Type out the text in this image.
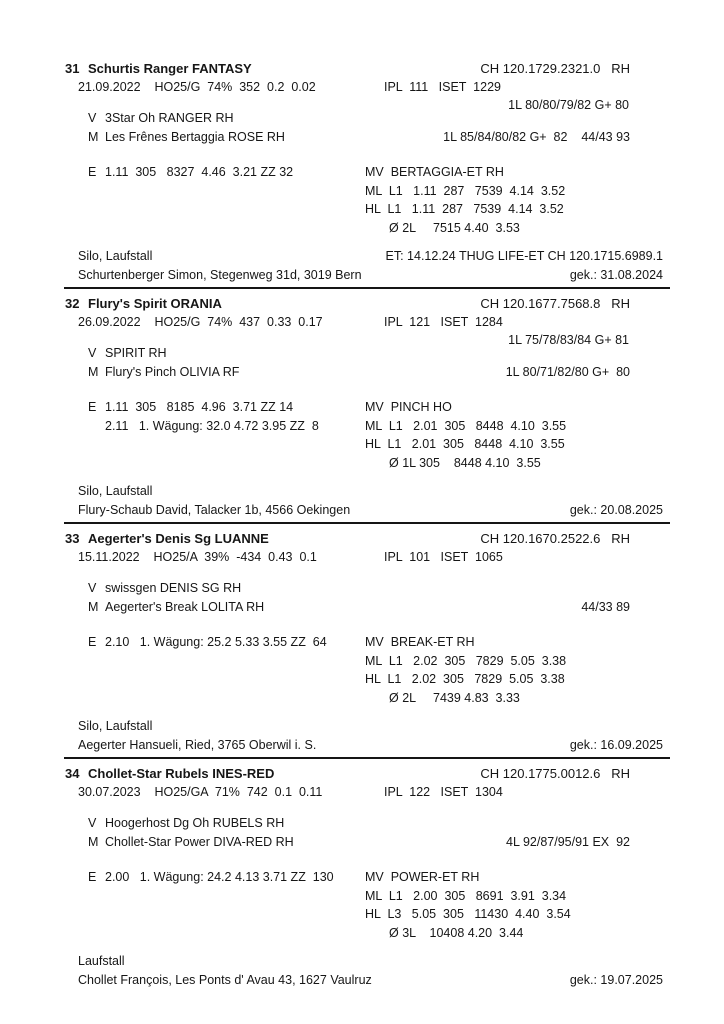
31 Schurtis Ranger FANTASY	CH 120.1729.2321.0   RH
21.09.2022    HO25/G  74%  352  0.2  0.02	IPL  111   ISET  1229
1L 80/80/79/82 G+ 80
V 3Star Oh RANGER RH
M Les Frênes Bertaggia ROSE RH	1L 85/84/80/82 G+  82    44/43 93
E 1.11  305   8327  4.46  3.21 ZZ 32	MV  BERTAGGIA-ET RH
ML  L1   1.11  287   7539  4.14  3.52
HL  L1   1.11  287   7539  4.14  3.52
Ø 2L     7515 4.40  3.53
Silo, Laufstall	ET: 14.12.24 THUG LIFE-ET CH 120.1715.6989.1
Schurtenberger Simon, Stegenweg 31d, 3019 Bern	gek.: 31.08.2024
32 Flury's Spirit ORANIA	CH 120.1677.7568.8   RH
26.09.2022    HO25/G  74%  437  0.33  0.17	IPL  121   ISET  1284
1L 75/78/83/84 G+ 81
V SPIRIT RH
M Flury's Pinch OLIVIA RF	1L 80/71/82/80 G+  80
E 1.11  305   8185  4.96  3.71 ZZ 14
2.11   1. Wägung: 32.0 4.72 3.95 ZZ  8
MV  PINCH HO
ML  L1   2.01  305   8448  4.10  3.55
HL  L1   2.01  305   8448  4.10  3.55
Ø 1L 305    8448 4.10  3.55
Silo, Laufstall
Flury-Schaub David, Talacker 1b, 4566 Oekingen	gek.: 20.08.2025
33 Aegerter's Denis Sg LUANNE	CH 120.1670.2522.6   RH
15.11.2022    HO25/A  39%  -434  0.43  0.1	IPL  101   ISET  1065
V swissgen DENIS SG RH
M Aegerter's Break LOLITA RH	44/33 89
E 2.10   1. Wägung: 25.2 5.33 3.55 ZZ  64	MV  BREAK-ET RH
ML  L1   2.02  305   7829  5.05  3.38
HL  L1   2.02  305   7829  5.05  3.38
Ø 2L     7439 4.83  3.33
Silo, Laufstall
Aegerter Hansueli, Ried, 3765 Oberwil i. S.	gek.: 16.09.2025
34 Chollet-Star Rubels INES-RED	CH 120.1775.0012.6   RH
30.07.2023    HO25/GA  71%  742  0.1  0.11	IPL  122   ISET  1304
V Hoogerhost Dg Oh RUBELS RH
M Chollet-Star Power DIVA-RED RH	4L 92/87/95/91 EX  92
E 2.00   1. Wägung: 24.2 4.13 3.71 ZZ  130	MV  POWER-ET RH
ML  L1   2.00  305   8691  3.91  3.34
HL  L3   5.05  305   11430  4.40  3.54
Ø 3L    10408 4.20  3.44
Laufstall
Chollet François, Les Ponts d' Avau 43, 1627 Vaulruz	gek.: 19.07.2025
